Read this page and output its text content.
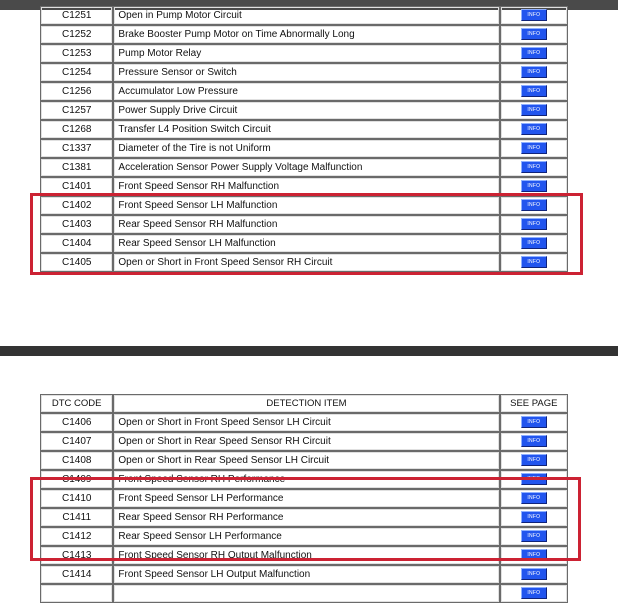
C1251	Open in Pump Motor Circuit	INFO
C1252	Brake Booster Pump Motor on Time Abnormally Long	INFO
C1253	Pump Motor Relay	INFO
C1254	Pressure Sensor or Switch	INFO
C1256	Accumulator Low Pressure	INFO
C1257	Power Supply Drive Circuit	INFO
C1268	Transfer L4 Position Switch Circuit	INFO
C1337	Diameter of the Tire is not Uniform	INFO
C1381	Acceleration Sensor Power Supply Voltage Malfunction	INFO
C1401	Front Speed Sensor RH Malfunction	INFO
C1402	Front Speed Sensor LH Malfunction	INFO
C1403	Rear Speed Sensor RH Malfunction	INFO
C1404	Rear Speed Sensor LH Malfunction	INFO
C1405	Open or Short in Front Speed Sensor RH Circuit	INFO
DTC CODE	DETECTION ITEM	SEE PAGE
C1406	Open or Short in Front Speed Sensor LH Circuit	INFO
C1407	Open or Short in Rear Speed Sensor RH Circuit	INFO
C1408	Open or Short in Rear Speed Sensor LH Circuit	INFO
C1409	Front Speed Sensor RH Performance	INFO
C1410	Front Speed Sensor LH Performance	INFO
C1411	Rear Speed Sensor RH Performance	INFO
C1412	Rear Speed Sensor LH Performance	INFO
C1413	Front Speed Sensor RH Output Malfunction	INFO
C1414	Front Speed Sensor LH Output Malfunction	INFO
		INFO
